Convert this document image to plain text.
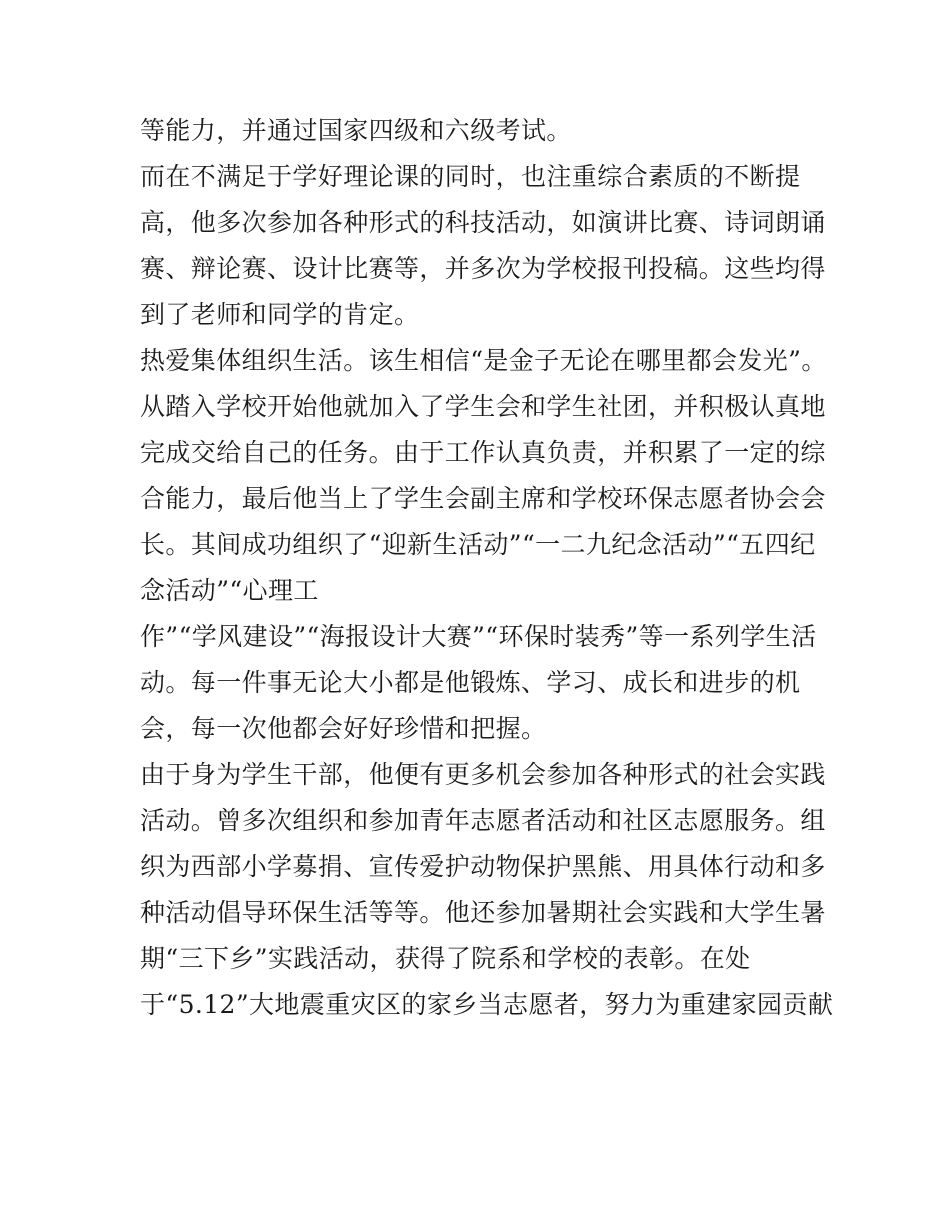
等能力，并通过国家四级和六级考试。
而在不满足于学好理论课的同时，也注重综合素质的不断提
高，他多次参加各种形式的科技活动，如演讲比赛、诗词朗诵
赛、辩论赛、设计比赛等，并多次为学校报刊投稿。这些均得
到了老师和同学的肯定。
热爱集体组织生活。该生相信“是金子无论在哪里都会发光”。
从踏入学校开始他就加入了学生会和学生社团，并积极认真地
完成交给自己的任务。由于工作认真负责，并积累了一定的综
合能力，最后他当上了学生会副主席和学校环保志愿者协会会
长。其间成功组织了“迎新生活动”“一二九纪念活动”“五四纪
念活动”“心理工
作”“学风建设”“海报设计大赛”“环保时装秀”等一系列学生活
动。每一件事无论大小都是他锻炼、学习、成长和进步的机
会，每一次他都会好好珍惜和把握。
由于身为学生干部，他便有更多机会参加各种形式的社会实践
活动。曾多次组织和参加青年志愿者活动和社区志愿服务。组
织为西部小学募捐、宣传爱护动物保护黑熊、用具体行动和多
种活动倡导环保生活等等。他还参加暑期社会实践和大学生暑
期“三下乡”实践活动，获得了院系和学校的表彰。在处
于“5.12”大地震重灾区的家乡当志愿者，努力为重建家园贡献
